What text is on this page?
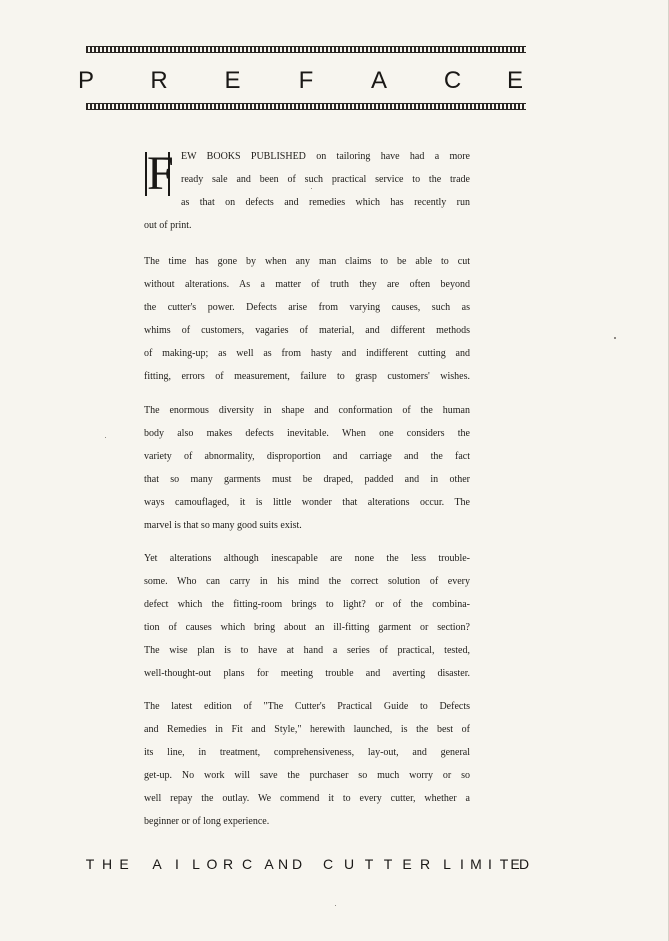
P R E F A C E
F EW BOOKS PUBLISHED on tailoring have had a more
ready sale and been of such practical service to the trade
as that on defects and remedies which has recently run
out of print.
The time has gone by when any man claims to be able to cut
without alterations. As a matter of truth they are often beyond
the cutter's power. Defects arise from varying causes, such as
whims of customers, vagaries of material, and different methods
of making-up; as well as from hasty and indifferent cutting and
fitting, errors of measurement, failure to grasp customers' wishes.
The enormous diversity in shape and conformation of the human
body also makes defects inevitable. When one considers the
variety of abnormality, disproportion and carriage and the fact
that so many garments must be draped, padded and in other
ways camouflaged, it is little wonder that alterations occur. The
marvel is that so many good suits exist.
Yet alterations although inescapable are none the less trouble-
some. Who can carry in his mind the correct solution of every
defect which the fitting-room brings to light? or of the combina-
tion of causes which bring about an ill-fitting garment or section?
The wise plan is to have at hand a series of practical, tested,
well-thought-out plans for meeting trouble and averting disaster.
The latest edition of "The Cutter's Practical Guide to Defects
and Remedies in Fit and Style," herewith launched, is the best of
its line, in treatment, comprehensiveness, lay-out, and general
get-up. No work will save the purchaser so much worry or so
well repay the outlay. We commend it to every cutter, whether a
beginner or of long experience.
T H E	A I L O R C A N D C U T T E R L I M I T E D
